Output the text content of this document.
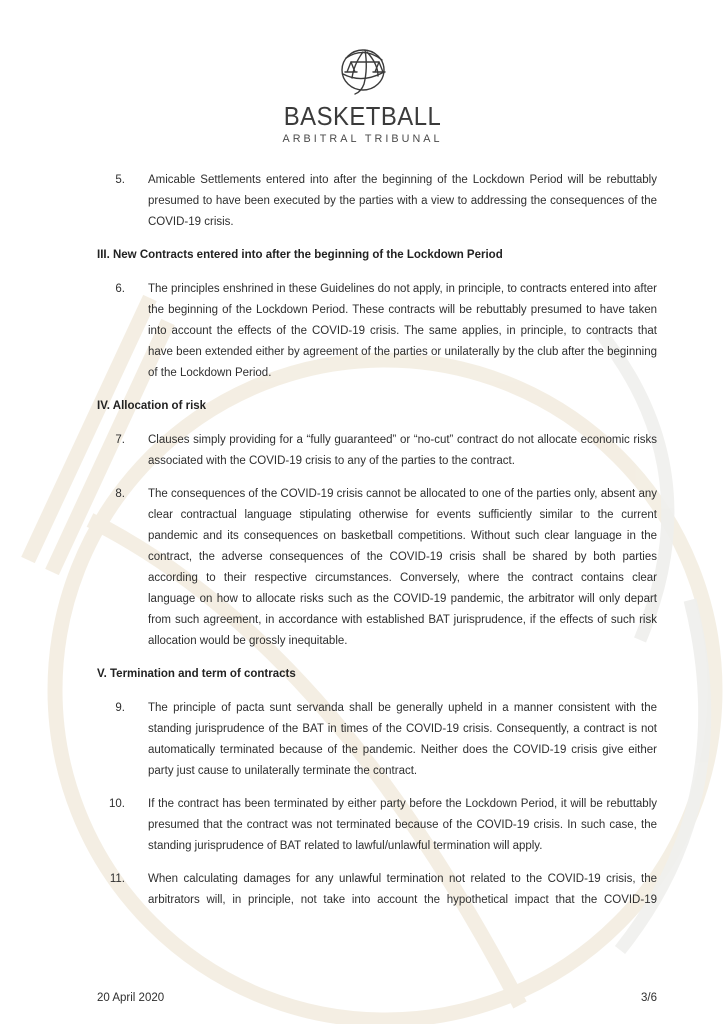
BASKETBALL
ARBITRAL TRIBUNAL
5. Amicable Settlements entered into after the beginning of the Lockdown Period will be rebuttably presumed to have been executed by the parties with a view to addressing the consequences of the COVID-19 crisis.
III. New Contracts entered into after the beginning of the Lockdown Period
6. The principles enshrined in these Guidelines do not apply, in principle, to contracts entered into after the beginning of the Lockdown Period. These contracts will be rebuttably presumed to have taken into account the effects of the COVID-19 crisis. The same applies, in principle, to contracts that have been extended either by agreement of the parties or unilaterally by the club after the beginning of the Lockdown Period.
IV. Allocation of risk
7. Clauses simply providing for a “fully guaranteed” or “no-cut” contract do not allocate economic risks associated with the COVID-19 crisis to any of the parties to the contract.
8. The consequences of the COVID-19 crisis cannot be allocated to one of the parties only, absent any clear contractual language stipulating otherwise for events sufficiently similar to the current pandemic and its consequences on basketball competitions. Without such clear language in the contract, the adverse consequences of the COVID-19 crisis shall be shared by both parties according to their respective circumstances. Conversely, where the contract contains clear language on how to allocate risks such as the COVID-19 pandemic, the arbitrator will only depart from such agreement, in accordance with established BAT jurisprudence, if the effects of such risk allocation would be grossly inequitable.
V. Termination and term of contracts
9. The principle of pacta sunt servanda shall be generally upheld in a manner consistent with the standing jurisprudence of the BAT in times of the COVID-19 crisis. Consequently, a contract is not automatically terminated because of the pandemic. Neither does the COVID-19 crisis give either party just cause to unilaterally terminate the contract.
10. If the contract has been terminated by either party before the Lockdown Period, it will be rebuttably presumed that the contract was not terminated because of the COVID-19 crisis. In such case, the standing jurisprudence of BAT related to lawful/unlawful termination will apply.
11. When calculating damages for any unlawful termination not related to the COVID-19 crisis, the arbitrators will, in principle, not take into account the hypothetical impact that the COVID-19
20 April 2020	3/6
